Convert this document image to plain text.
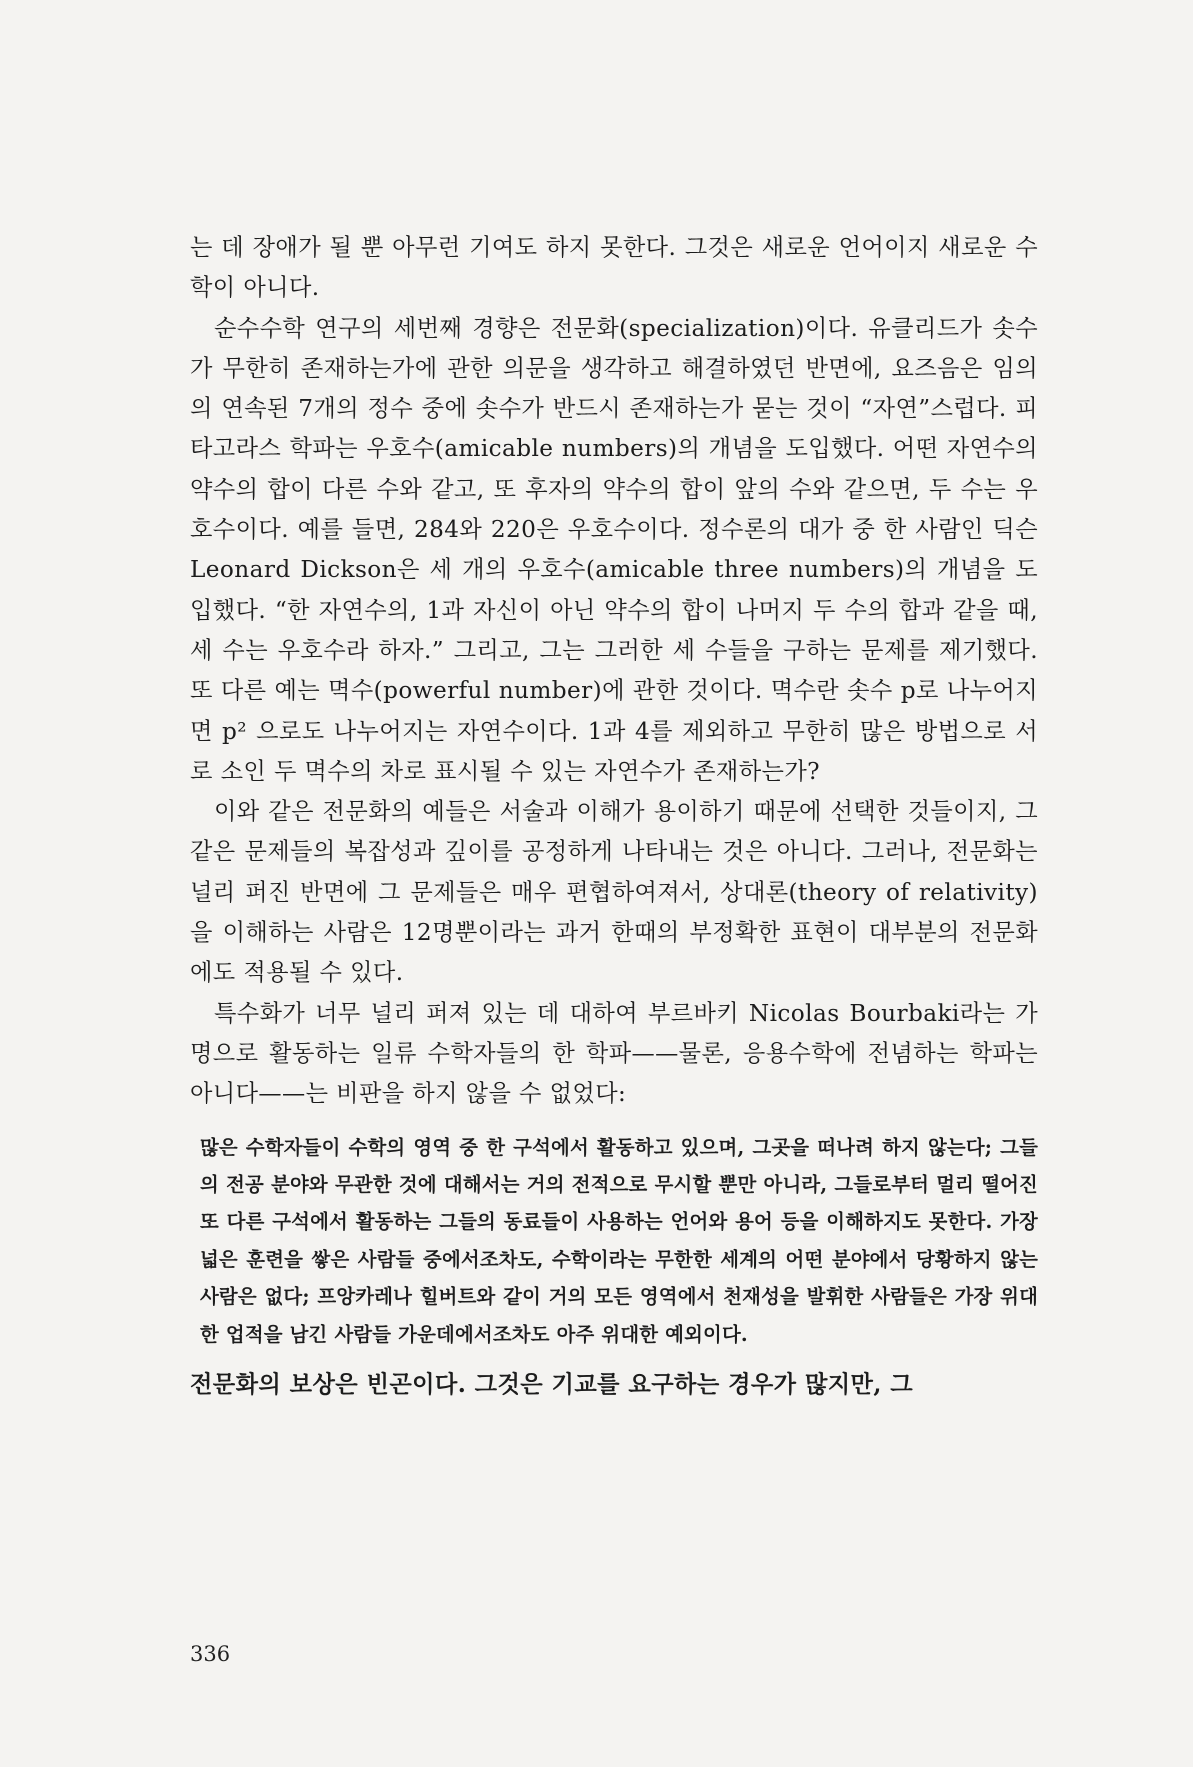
는 데 장애가 될 뿐 아무런 기여도 하지 못한다. 그것은 새로운 언어이지 새로운 수학이 아니다.

순수수학 연구의 세번째 경향은 전문화(specialization)이다. 유클리드가 솟수가 무한히 존재하는가에 관한 의문을 생각하고 해결하였던 반면에, 요즈음은 임의의 연속된 7개의 정수 중에 솟수가 반드시 존재하는가 묻는 것이 “자연”스럽다. 피타고라스 학파는 우호수(amicable numbers)의 개념을 도입했다. 어떤 자연수의 약수의 합이 다른 수와 같고, 또 후자의 약수의 합이 앞의 수와 같으면, 두 수는 우호수이다. 예를 들면, 284와 220은 우호수이다. 정수론의 대가 중 한 사람인 딕슨 Leonard Dickson은 세 개의 우호수(amicable three numbers)의 개념을 도입했다. “한 자연수의, 1과 자신이 아닌 약수의 합이 나머지 두 수의 합과 같을 때, 세 수는 우호수라 하자.” 그리고, 그는 그러한 세 수들을 구하는 문제를 제기했다. 또 다른 예는 멱수(powerful number)에 관한 것이다. 멱수란 솟수 p로 나누어지면 p² 으로도 나누어지는 자연수이다. 1과 4를 제외하고 무한히 많은 방법으로 서로 소인 두 멱수의 차로 표시될 수 있는 자연수가 존재하는가?

이와 같은 전문화의 예들은 서술과 이해가 용이하기 때문에 선택한 것들이지, 그같은 문제들의 복잡성과 깊이를 공정하게 나타내는 것은 아니다. 그러나, 전문화는 널리 퍼진 반면에 그 문제들은 매우 편협하여져서, 상대론(theory of relativity)을 이해하는 사람은 12명뿐이라는 과거 한때의 부정확한 표현이 대부분의 전문화에도 적용될 수 있다.

특수화가 너무 널리 퍼져 있는 데 대하여 부르바키 Nicolas Bourbaki라는 가명으로 활동하는 일류 수학자들의 한 학파——물론, 응용수학에 전념하는 학파는 아니다——는 비판을 하지 않을 수 없었다:

많은 수학자들이 수학의 영역 중 한 구석에서 활동하고 있으며, 그곳을 떠나려 하지 않는다; 그들의 전공 분야와 무관한 것에 대해서는 거의 전적으로 무시할 뿐만 아니라, 그들로부터 멀리 떨어진 또 다른 구석에서 활동하는 그들의 동료들이 사용하는 언어와 용어 등을 이해하지도 못한다. 가장 넓은 훈련을 쌓은 사람들 중에서조차도, 수학이라는 무한한 세계의 어떤 분야에서 당황하지 않는 사람은 없다; 프앙카레나 힐버트와 같이 거의 모든 영역에서 천재성을 발휘한 사람들은 가장 위대한 업적을 남긴 사람들 가운데에서조차도 아주 위대한 예외이다.

전문화의 보상은 빈곤이다. 그것은 기교를 요구하는 경우가 많지만, 그

336
